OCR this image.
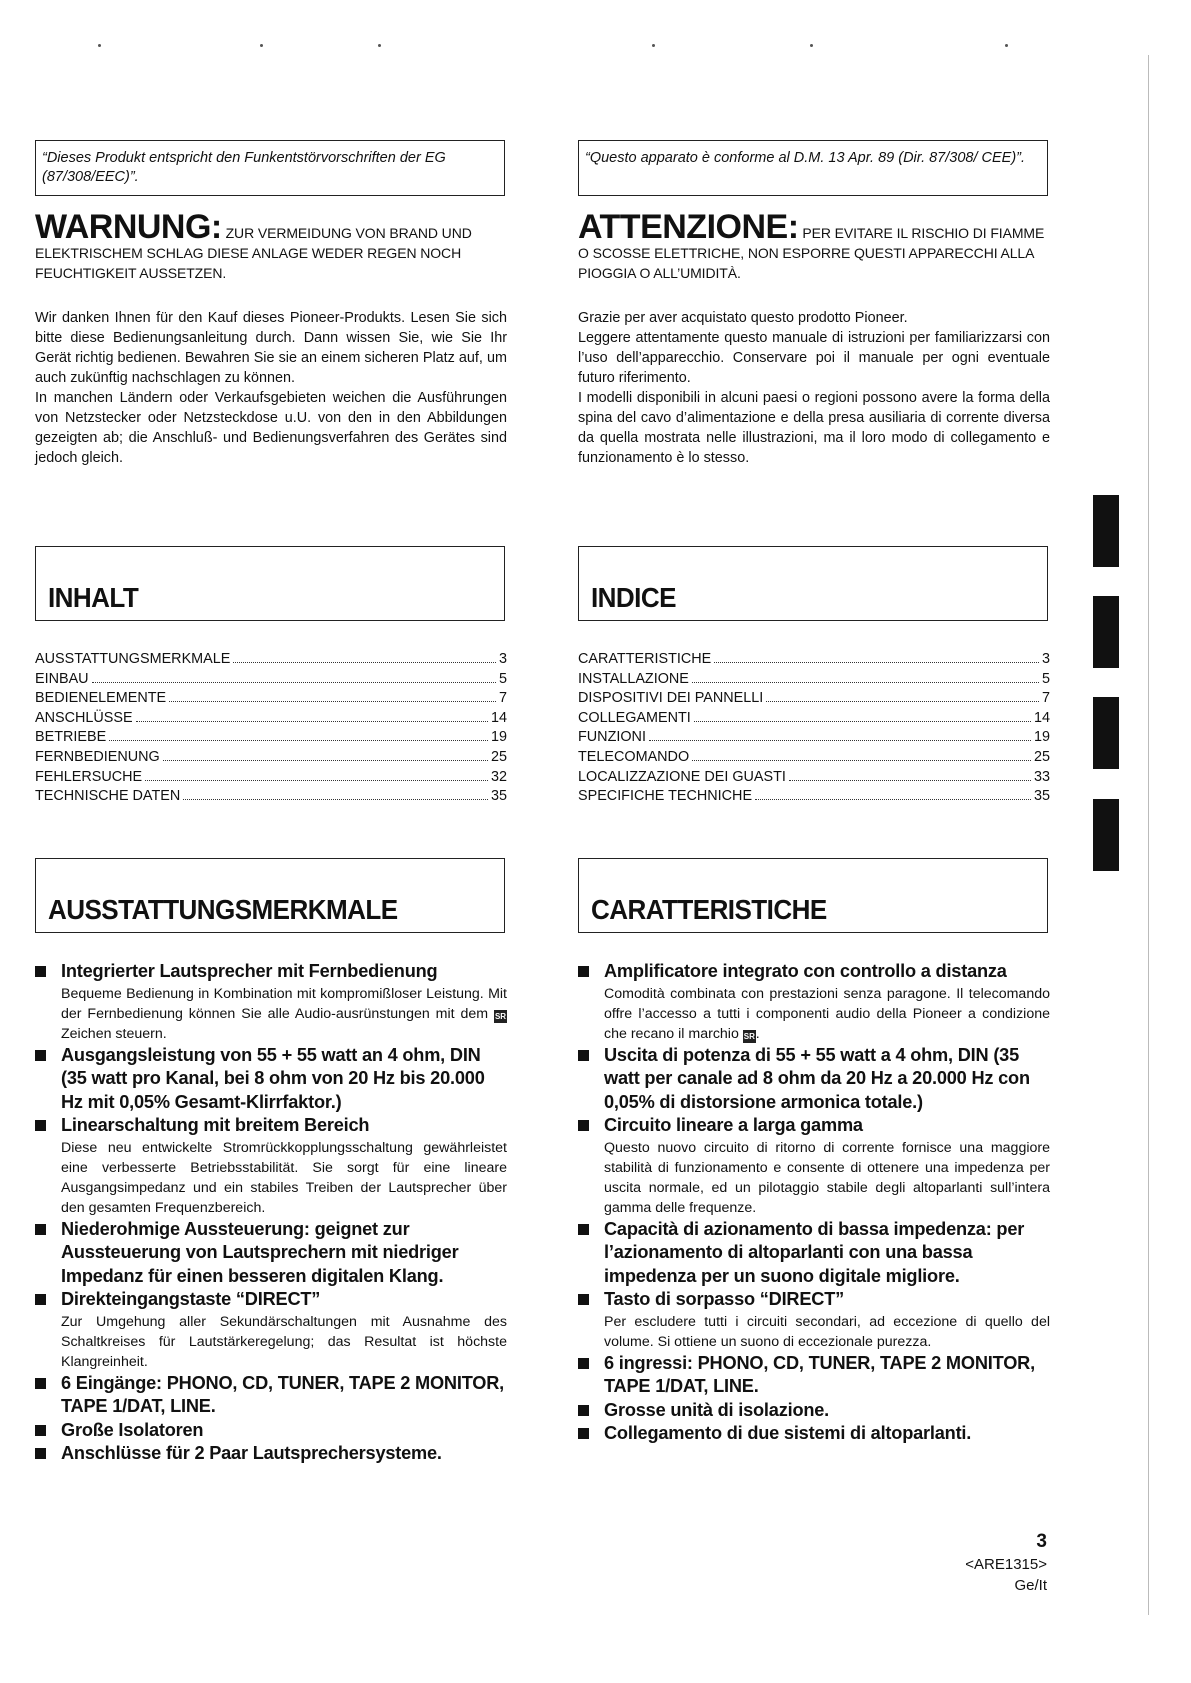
“Dieses Produkt entspricht den Funkentstörvorschriften der EG (87/308/EEC)”.
WARNUNG: ZUR VERMEIDUNG VON BRAND UND ELEKTRISCHEM SCHLAG DIESE ANLAGE WEDER REGEN NOCH FEUCHTIGKEIT AUSSETZEN.

Wir danken Ihnen für den Kauf dieses Pioneer-Produkts. Lesen Sie sich bitte diese Bedienungsanleitung durch. Dann wissen Sie, wie Sie Ihr Gerät richtig bedienen. Bewahren Sie sie an einem sicheren Platz auf, um auch zukünftig nachschlagen zu können.

In manchen Ländern oder Verkaufsgebieten weichen die Ausführungen von Netzstecker oder Netzsteckdose u.U. von den in den Abbildungen gezeigten ab; die Anschluß- und Bedienungsverfahren des Gerätes sind jedoch gleich.

INHALT
AUSSTATTUNGSMERKMALE	3
EINBAU	5
BEDIENELEMENTE	7
ANSCHLÜSSE	14
BETRIEBE	19
FERNBEDIENUNG	25
FEHLERSUCHE	32
TECHNISCHE DATEN	35
AUSSTATTUNGSMERKMALE
Integrierter Lautsprecher mit Fernbedienung
Bequeme Bedienung in Kombination mit kompromißloser Leistung. Mit der Fernbedienung können Sie alle Audio-ausrünstungen mit dem SR Zeichen steuern.
Ausgangsleistung von 55 + 55 watt an 4 ohm, DIN (35 watt pro Kanal, bei 8 ohm von 20 Hz bis 20.000 Hz mit 0,05% Gesamt-Klirrfaktor.)
Linearschaltung mit breitem Bereich
Diese neu entwickelte Stromrückkopplungsschaltung gewährleistet eine verbesserte Betriebsstabilität. Sie sorgt für eine lineare Ausgangsimpedanz und ein stabiles Treiben der Lautsprecher über den gesamten Frequenzbereich.
Niederohmige Aussteuerung: geignet zur Aussteuerung von Lautsprechern mit niedriger Impedanz für einen besseren digitalen Klang.
Direkteingangstaste “DIRECT”
Zur Umgehung aller Sekundärschaltungen mit Ausnahme des Schaltkreises für Lautstärkeregelung; das Resultat ist höchste Klangreinheit.
6 Eingänge: PHONO, CD, TUNER, TAPE 2 MONITOR, TAPE 1/DAT, LINE.
Große Isolatoren
Anschlüsse für 2 Paar Lautsprechersysteme.
“Questo apparato è conforme al D.M. 13 Apr. 89 (Dir. 87/308/ CEE)”.
ATTENZIONE: PER EVITARE IL RISCHIO DI FIAMME O SCOSSE ELETTRICHE, NON ESPORRE QUESTI APPARECCHI ALLA PIOGGIA O ALL’UMIDITÀ.

Grazie per aver acquistato questo prodotto Pioneer.

Leggere attentamente questo manuale di istruzioni per familiarizzarsi con l’uso dell’apparecchio. Conservare poi il manuale per ogni eventuale futuro riferimento.

I modelli disponibili in alcuni paesi o regioni possono avere la forma della spina del cavo d’alimentazione e della presa ausiliaria di corrente diversa da quella mostrata nelle illustrazioni, ma il loro modo di collegamento e funzionamento è lo stesso.

INDICE
CARATTERISTICHE	3
INSTALLAZIONE	5
DISPOSITIVI DEI PANNELLI	7
COLLEGAMENTI	14
FUNZIONI	19
TELECOMANDO	25
LOCALIZZAZIONE DEI GUASTI	33
SPECIFICHE TECHNICHE	35
CARATTERISTICHE
Amplificatore integrato con controllo a distanza
Comodità combinata con prestazioni senza paragone. Il telecomando offre l’accesso a tutti i componenti audio della Pioneer a condizione che recano il marchio SR.
Uscita di potenza di 55 + 55 watt a 4 ohm, DIN (35 watt per canale ad 8 ohm da 20 Hz a 20.000 Hz con 0,05% di distorsione armonica totale.)
Circuito lineare a larga gamma
Questo nuovo circuito di ritorno di corrente fornisce una maggiore stabilità di funzionamento e consente di ottenere una impedenza per uscita normale, ed un pilotaggio stabile degli altoparlanti sull’intera gamma delle frequenze.
Capacità di azionamento di bassa impedenza: per l’azionamento di altoparlanti con una bassa impedenza per un suono digitale migliore.
Tasto di sorpasso “DIRECT”
Per escludere tutti i circuiti secondari, ad eccezione di quello del volume. Si ottiene un suono di eccezionale purezza.
6 ingressi: PHONO, CD, TUNER, TAPE 2 MONITOR, TAPE 1/DAT, LINE.
Grosse unità di isolazione.
Collegamento di due sistemi di altoparlanti.
3
<ARE1315>
Ge/It
